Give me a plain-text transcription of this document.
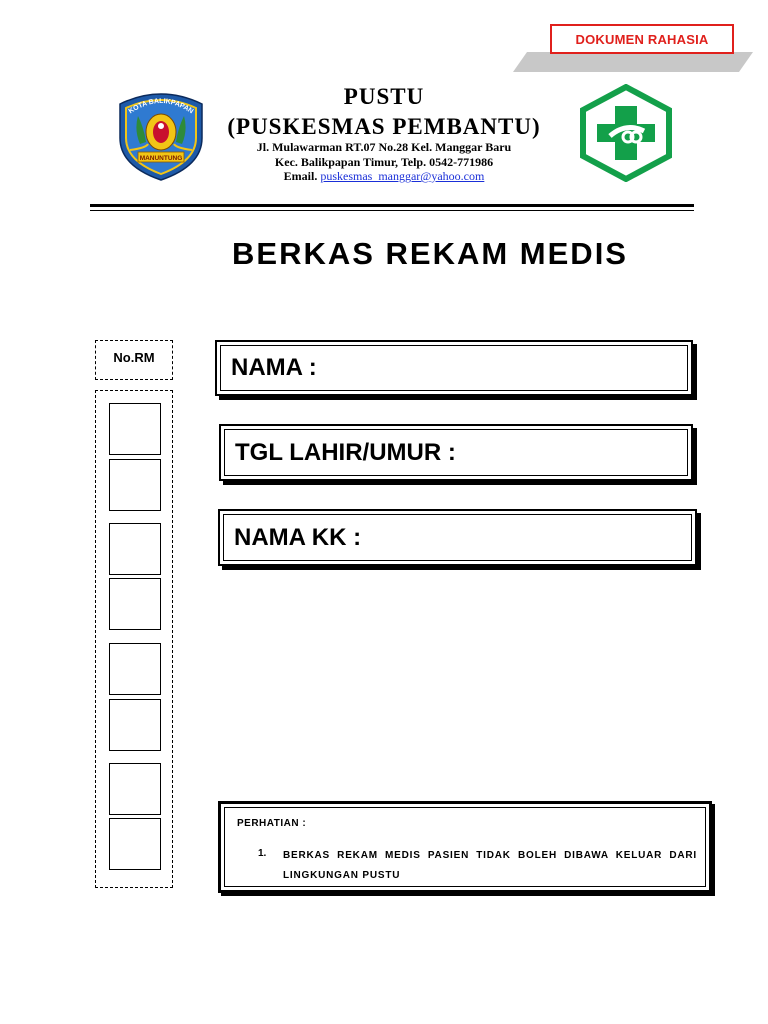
DOKUMEN RAHASIA
KOTA BALIKPAPAN
MANUNTUNG
PUSTU
(PUSKESMAS PEMBANTU)
Jl. Mulawarman RT.07 No.28 Kel. Manggar Baru
Kec. Balikpapan Timur, Telp. 0542-771986
Email. puskesmas_manggar@yahoo.com
BERKAS REKAM MEDIS
No.RM	NAMA :
TGL LAHIR/UMUR :
NAMA KK :
PERHATIAN :
1. BERKAS REKAM MEDIS PASIEN TIDAK BOLEH DIBAWA KELUAR DARI LINGKUNGAN PUSTU
